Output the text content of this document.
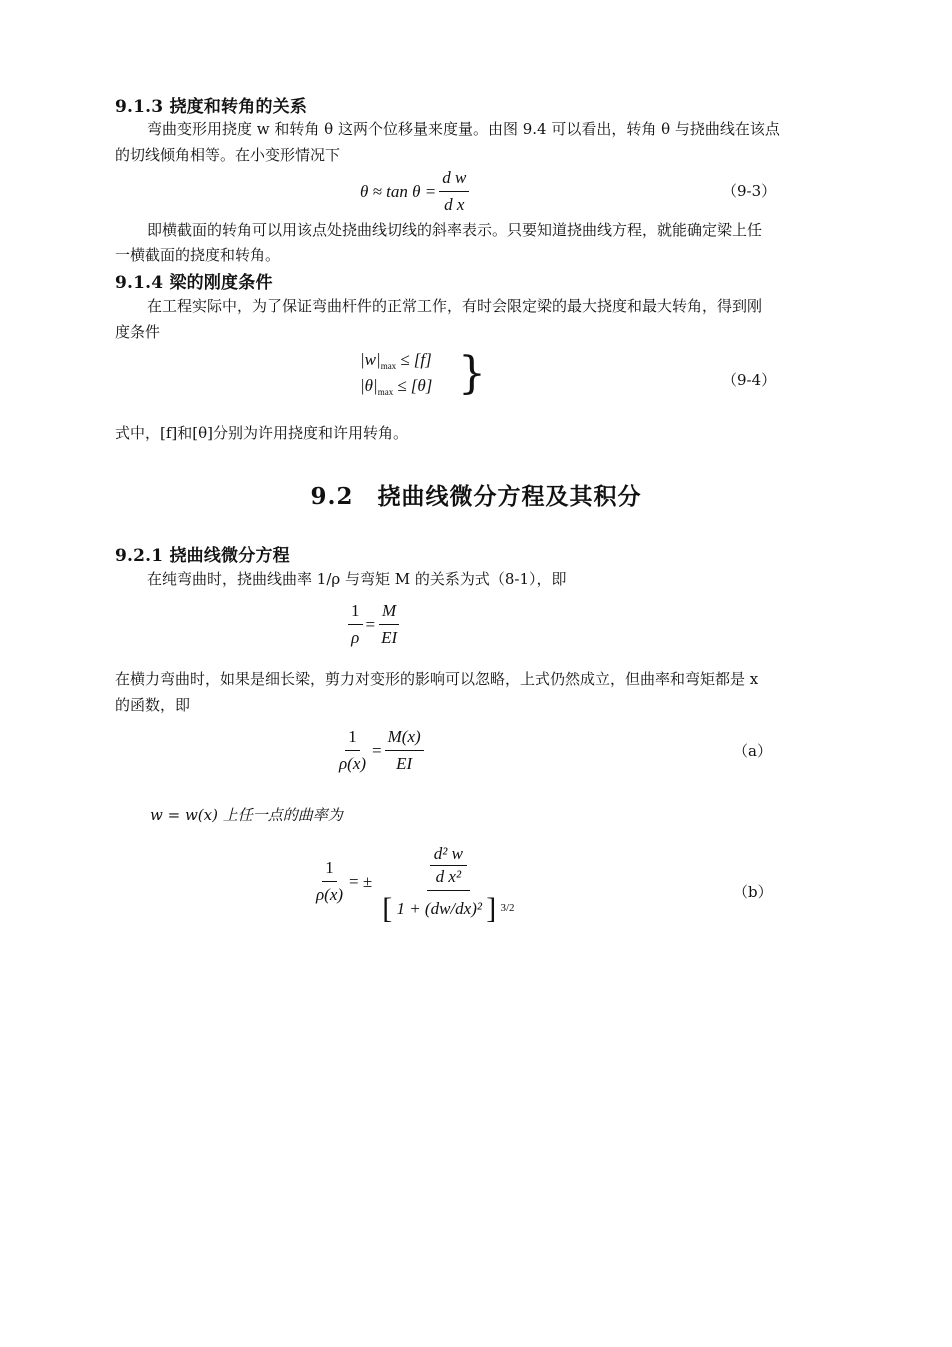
9.1.3 挠度和转角的关系
弯曲变形用挠度 w 和转角 θ 这两个位移量来度量。由图 9.4 可以看出，转角 θ 与挠曲线在该点
的切线倾角相等。在小变形情况下
$\theta \approx \tan \theta = \frac{\text{d w}}{\text{d x}}$	（9-3）
即横截面的转角可以用该点处挠曲线切线的斜率表示。只要知道挠曲线方程，就能确定梁上任
一横截面的挠度和转角。
9.1.4 梁的刚度条件
在工程实际中，为了保证弯曲杆件的正常工作，有时会限定梁的最大挠度和最大转角，得到刚
度条件
|w| max ≤ [f]
|θ| max ≤ [θ] }	（9-4）
式中，[f]和[θ]分别为许用挠度和许用转角。
9.2　挠曲线微分方程及其积分
9.2.1 挠曲线微分方程
在纯弯曲时，挠曲线曲率 1/ρ 与弯矩 M 的关系为式（8-1），即
$\frac{1}{\rho} = \frac{M}{EI}$
在横力弯曲时，如果是细长梁，剪力对变形的影响可以忽略，上式仍然成立，但曲率和弯矩都是 x
的函数，即
$\frac{1}{\rho(x)} = \frac{M(x)}{EI}$	（a）
w = w(x) 上任一点的曲率为
$\frac{1}{\rho(x)}$ = ± $\frac{\frac{\text{d² w}}{\text{d x²}}}{[ 1 + (dw/dx)^2 ] ^{3/2}}$	（b）
